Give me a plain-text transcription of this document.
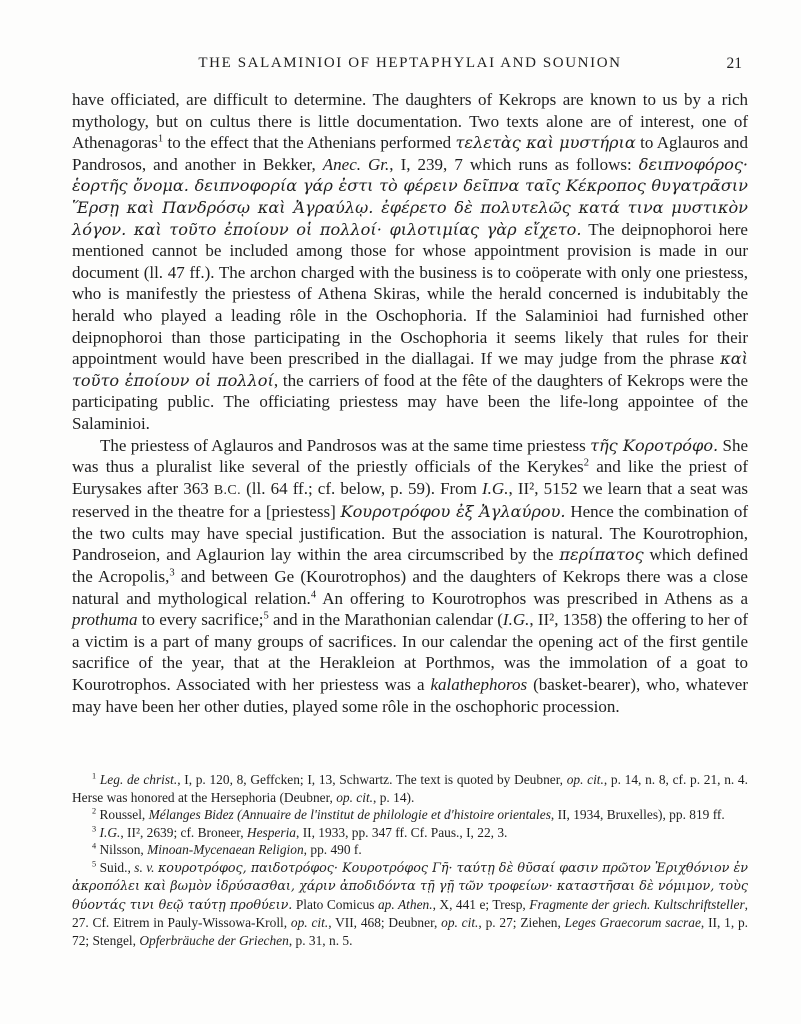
THE SALAMINIOI OF HEPTAPHYLAI AND SOUNION	21

have officiated, are difficult to determine. The daughters of Kekrops are known to us by a rich mythology, but on cultus there is little documentation. Two texts alone are of interest, one of Athenagoras$^1$ to the effect that the Athenians performed τελετὰς καὶ μυστήρια to Aglauros and Pandrosos, and another in Bekker, Anec. Gr., I, 239, 7 which runs as follows: δειπνοφόρος· ἑορτῆς ὄνομα. δειπνοφορία γάρ ἐστι τὸ φέρειν δεῖπνα ταῖς Κέκροπος θυγατρᾶσιν Ἕρσῃ καὶ Πανδρόσῳ καὶ Ἀγραύλῳ. ἐφέρετο δὲ πολυτελῶς κατά τινα μυστικὸν λόγον. καὶ τοῦτο ἐποίουν οἱ πολλοί· φιλοτιμίας γὰρ εἴχετο. The deipnophoroi here mentioned cannot be included among those for whose appointment provision is made in our document (ll. 47 ff.). The archon charged with the business is to coöperate with only one priestess, who is manifestly the priestess of Athena Skiras, while the herald concerned is indubitably the herald who played a leading rôle in the Oschophoria. If the Salaminioi had furnished other deipnophoroi than those participating in the Oschophoria it seems likely that rules for their appointment would have been prescribed in the diallagai. If we may judge from the phrase καὶ τοῦτο ἐποίουν οἱ πολλοί, the carriers of food at the fête of the daughters of Kekrops were the participating public. The officiating priestess may have been the life-long appointee of the Salaminioi.

The priestess of Aglauros and Pandrosos was at the same time priestess τῆς Κοροτρόφο. She was thus a pluralist like several of the priestly officials of the Kerykes$^2$ and like the priest of Eurysakes after 363 B.C. (ll. 64 ff.; cf. below, p. 59). From I.G., II², 5152 we learn that a seat was reserved in the theatre for a [priestess] Κουροτρόφου ἐξ Ἀγλαύρου. Hence the combination of the two cults may have special justification. But the association is natural. The Kourotrophion, Pandroseion, and Aglaurion lay within the area circumscribed by the περίπατος which defined the Acropolis,$^3$ and between Ge (Kourotrophos) and the daughters of Kekrops there was a close natural and mythological relation.$^4$ An offering to Kourotrophos was prescribed in Athens as a prothuma to every sacrifice;$^5$ and in the Marathonian calendar (I.G., II², 1358) the offering to her of a victim is a part of many groups of sacrifices. In our calendar the opening act of the first gentile sacrifice of the year, that at the Herakleion at Porthmos, was the immolation of a goat to Kourotrophos. Associated with her priestess was a kalathephoros (basket-bearer), who, whatever may have been her other duties, played some rôle in the oschophoric procession.

$^1$ Leg. de christ., I, p. 120, 8, Geffcken; I, 13, Schwartz. The text is quoted by Deubner, op. cit., p. 14, n. 8, cf. p. 21, n. 4. Herse was honored at the Hersephoria (Deubner, op. cit., p. 14).

$^2$ Roussel, Mélanges Bidez (Annuaire de l'institut de philologie et d'histoire orientales, II, 1934, Bruxelles), pp. 819 ff.

$^3$ I.G., II², 2639; cf. Broneer, Hesperia, II, 1933, pp. 347 ff. Cf. Paus., I, 22, 3.

$^4$ Nilsson, Minoan-Mycenaean Religion, pp. 490 f.

$^5$ Suid., s. v. κουροτρόφος, παιδοτρόφος· Κουροτρόφος Γῆ· ταύτῃ δὲ θῦσαί φασιν πρῶτον Ἐριχθόνιον ἐν ἀκροπόλει καὶ βωμὸν ἱδρύσασθαι, χάριν ἀποδιδόντα τῇ γῇ τῶν τροφείων· καταστῆσαι δὲ νόμιμον, τοὺς θύοντάς τινι θεῷ ταύτῃ προθύειν. Plato Comicus ap. Athen., X, 441 e; Tresp, Fragmente der griech. Kultschriftsteller, 27. Cf. Eitrem in Pauly-Wissowa-Kroll, op. cit., VII, 468; Deubner, op. cit., p. 27; Ziehen, Leges Graecorum sacrae, II, 1, p. 72; Stengel, Opferbräuche der Griechen, p. 31, n. 5.
